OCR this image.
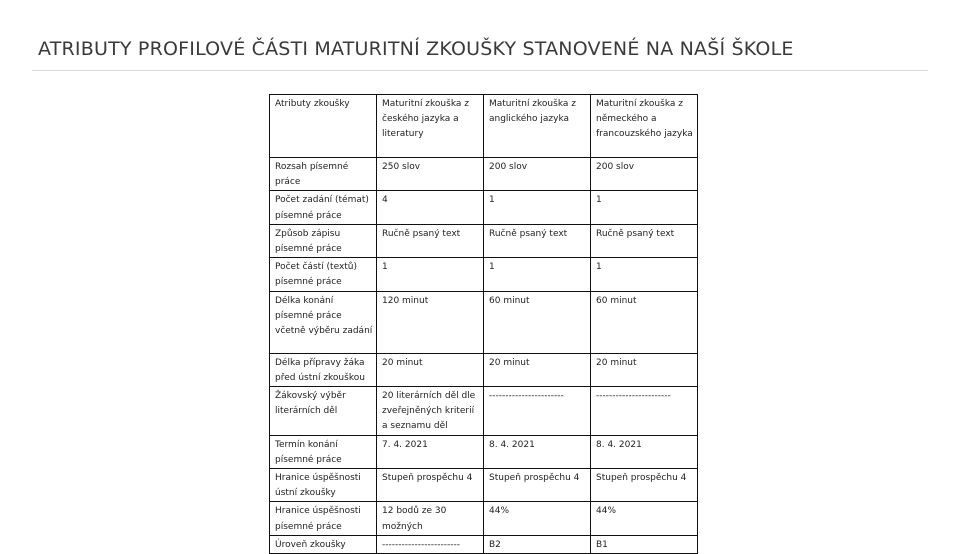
ATRIBUTY PROFILOVÉ ČÁSTI MATURITNÍ ZKOUŠKY STANOVENÉ NA NAŠÍ ŠKOLE
Atributy zkoušky	Maturitní zkouška z českého jazyka a literatury	Maturitní zkouška z anglického jazyka	Maturitní zkouška z německého a francouzského jazyka
Rozsah písemné práce	250 slov	200 slov	200 slov
Počet zadání (témat) písemné práce	4	1	1
Způsob zápisu písemné práce	Ručně psaný text	Ručně psaný text	Ručně psaný text
Počet částí (textů) písemné práce	1	1	1
Délka konání písemné práce včetně výběru zadání	120 minut	60 minut	60 minut
Délka přípravy žáka před ústní zkouškou	20 minut	20 minut	20 minut
Žákovský výběr literárních děl	20 literárních děl dle zveřejněných kriterií a seznamu děl	-----------------------	-----------------------
Termín konání písemné práce	7. 4. 2021	8. 4. 2021	8. 4. 2021
Hranice úspěšnosti ústní zkoušky	Stupeň prospěchu 4	Stupeň prospěchu 4	Stupeň prospěchu 4
Hranice úspěšnosti písemné práce	12 bodů ze 30 možných	44%	44%
Úroveň zkoušky	------------------------	B2	B1
